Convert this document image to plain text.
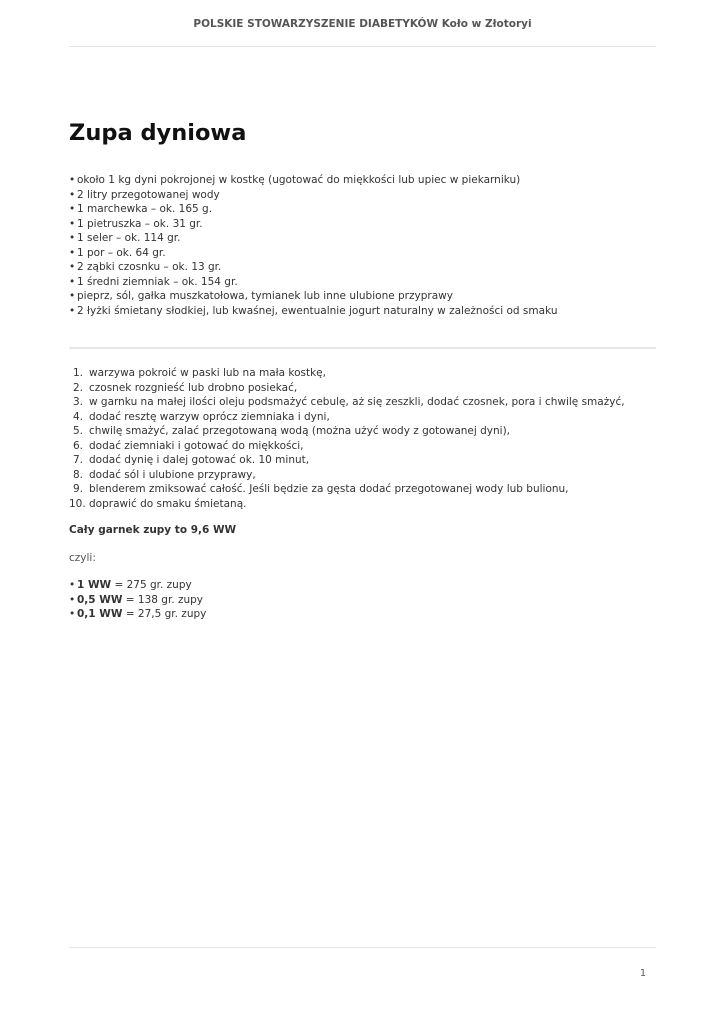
POLSKIE STOWARZYSZENIE DIABETYKÓW Koło w Złotoryi
Zupa dyniowa
• około 1 kg dyni pokrojonej w kostkę (ugotować do miękkości lub upiec w piekarniku)
• 2 litry przegotowanej wody
• 1 marchewka – ok. 165 g.
• 1 pietruszka – ok. 31 gr.
• 1 seler – ok. 114 gr.
• 1 por – ok. 64 gr.
• 2 ząbki czosnku – ok. 13 gr.
• 1 średni ziemniak – ok. 154 gr.
• pieprz, sól, gałka muszkatołowa, tymianek lub inne ulubione przyprawy
• 2 łyżki śmietany słodkiej, lub kwaśnej, ewentualnie jogurt naturalny w zależności od smaku
1. warzywa pokroić w paski lub na mała kostkę,
2. czosnek rozgnieść lub drobno posiekać,
3. w garnku na małej ilości oleju podsmażyć cebulę, aż się zeszkli, dodać czosnek, pora i chwilę smażyć,
4. dodać resztę warzyw oprócz ziemniaka i dyni,
5. chwilę smażyć, zalać przegotowaną wodą (można użyć wody z gotowanej dyni),
6. dodać ziemniaki i gotować do miękkości,
7. dodać dynię i dalej gotować ok. 10 minut,
8. dodać sól i ulubione przyprawy,
9. blenderem zmiksować całość. Jeśli będzie za gęsta dodać przegotowanej wody lub bulionu,
10. doprawić do smaku śmietaną.

Cały garnek zupy to 9,6 WW

czyli:

• 1 WW = 275 gr. zupy
• 0,5 WW = 138 gr. zupy
• 0,1 WW = 27,5 gr. zupy
1
